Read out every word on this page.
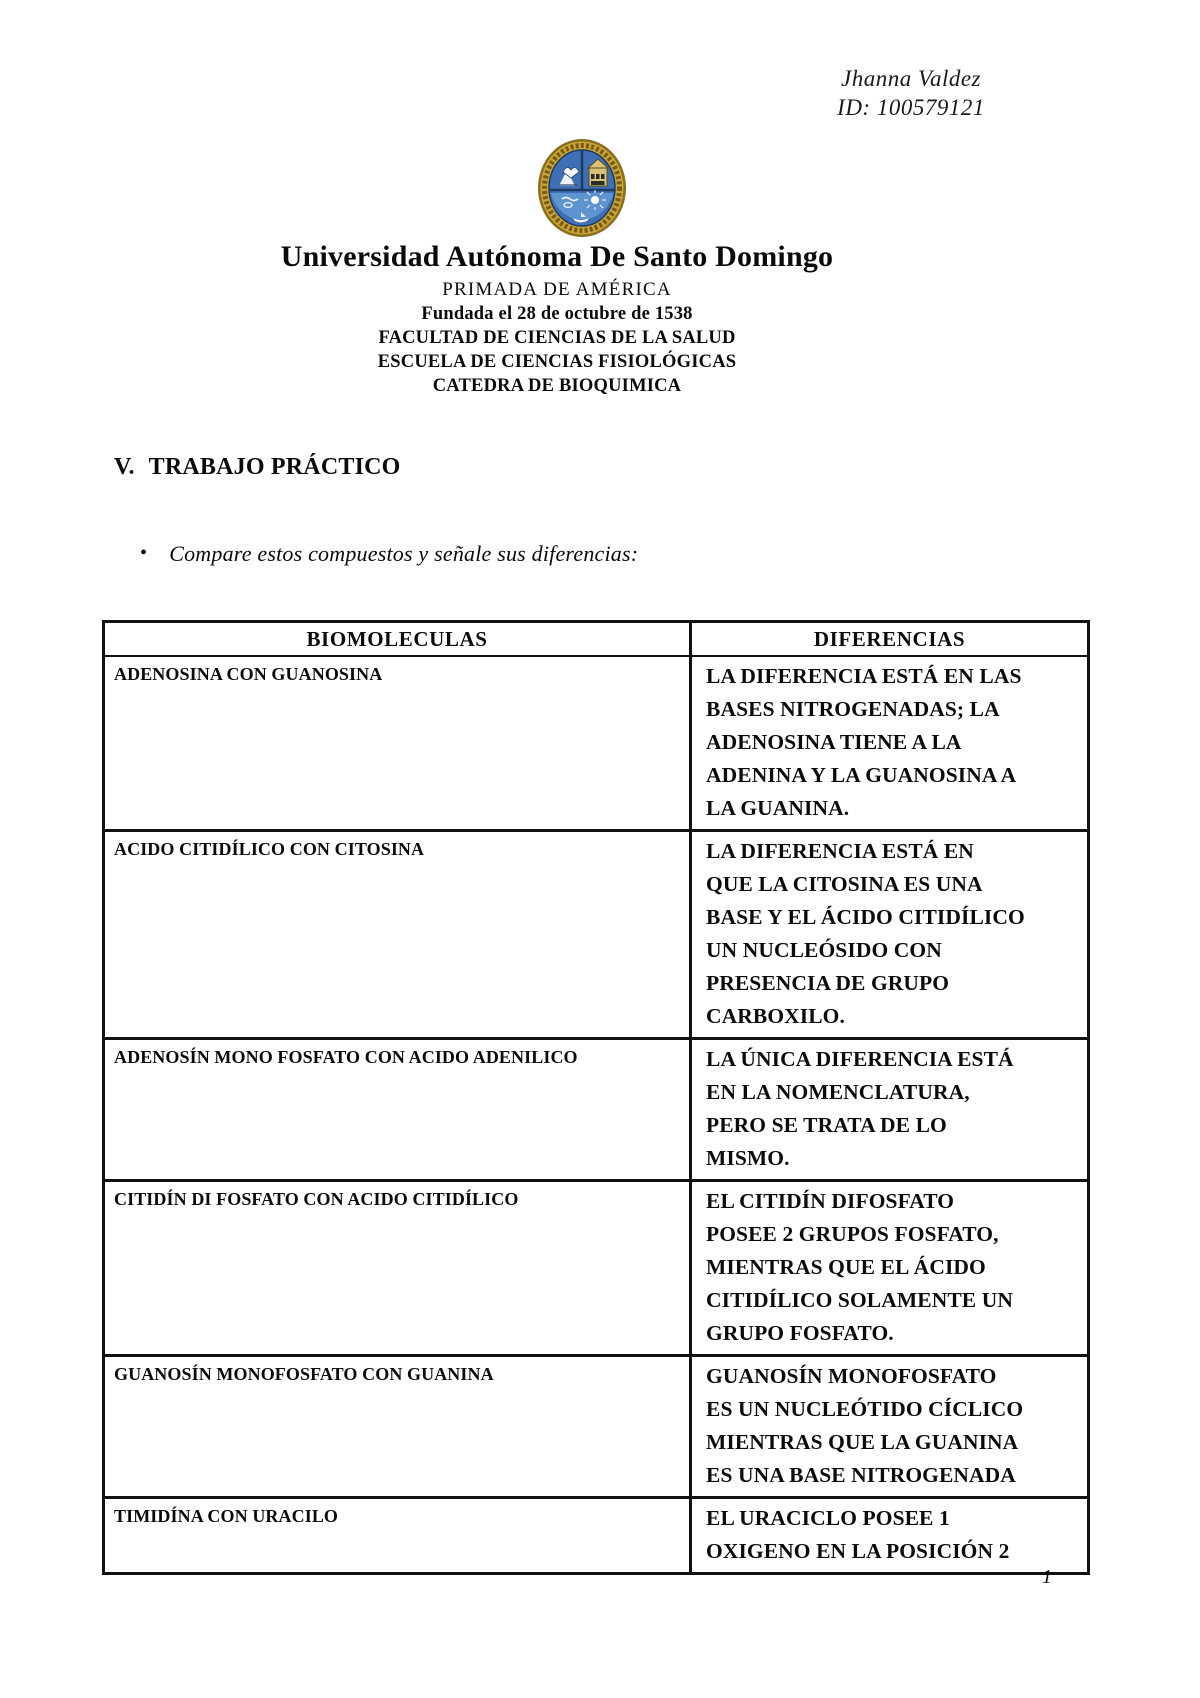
Jhanna Valdez
ID: 100579121
Universidad Autónoma De Santo Domingo
PRIMADA DE AMÉRICA
Fundada el 28 de octubre de 1538
FACULTAD DE CIENCIAS DE LA SALUD
ESCUELA DE CIENCIAS FISIOLÓGICAS
CATEDRA DE BIOQUIMICA
V. TRABAJO PRÁCTICO
• Compare estos compuestos y señale sus diferencias:
BIOMOLECULAS	DIFERENCIAS
ADENOSINA CON GUANOSINA	LA DIFERENCIA ESTÁ EN LAS BASES NITROGENADAS; LA ADENOSINA TIENE A LA ADENINA Y LA GUANOSINA A LA GUANINA.
ACIDO CITIDÍLICO CON CITOSINA	LA DIFERENCIA ESTÁ EN QUE LA CITOSINA ES UNA BASE Y EL ÁCIDO CITIDÍLICO UN NUCLEÓSIDO CON PRESENCIA DE GRUPO CARBOXILO.
ADENOSÍN MONO FOSFATO CON ACIDO ADENILICO	LA ÚNICA DIFERENCIA ESTÁ EN LA NOMENCLATURA, PERO SE TRATA DE LO MISMO.
CITIDÍN DI FOSFATO CON ACIDO CITIDÍLICO	EL CITIDÍN DIFOSFATO POSEE 2 GRUPOS FOSFATO, MIENTRAS QUE EL ÁCIDO CITIDÍLICO SOLAMENTE UN GRUPO FOSFATO.
GUANOSÍN MONOFOSFATO CON GUANINA	GUANOSÍN MONOFOSFATO ES UN NUCLEÓTIDO CÍCLICO MIENTRAS QUE LA GUANINA ES UNA BASE NITROGENADA
TIMIDÍNA CON URACILO	EL URACICLO POSEE 1 OXIGENO EN LA POSICIÓN 2
1
